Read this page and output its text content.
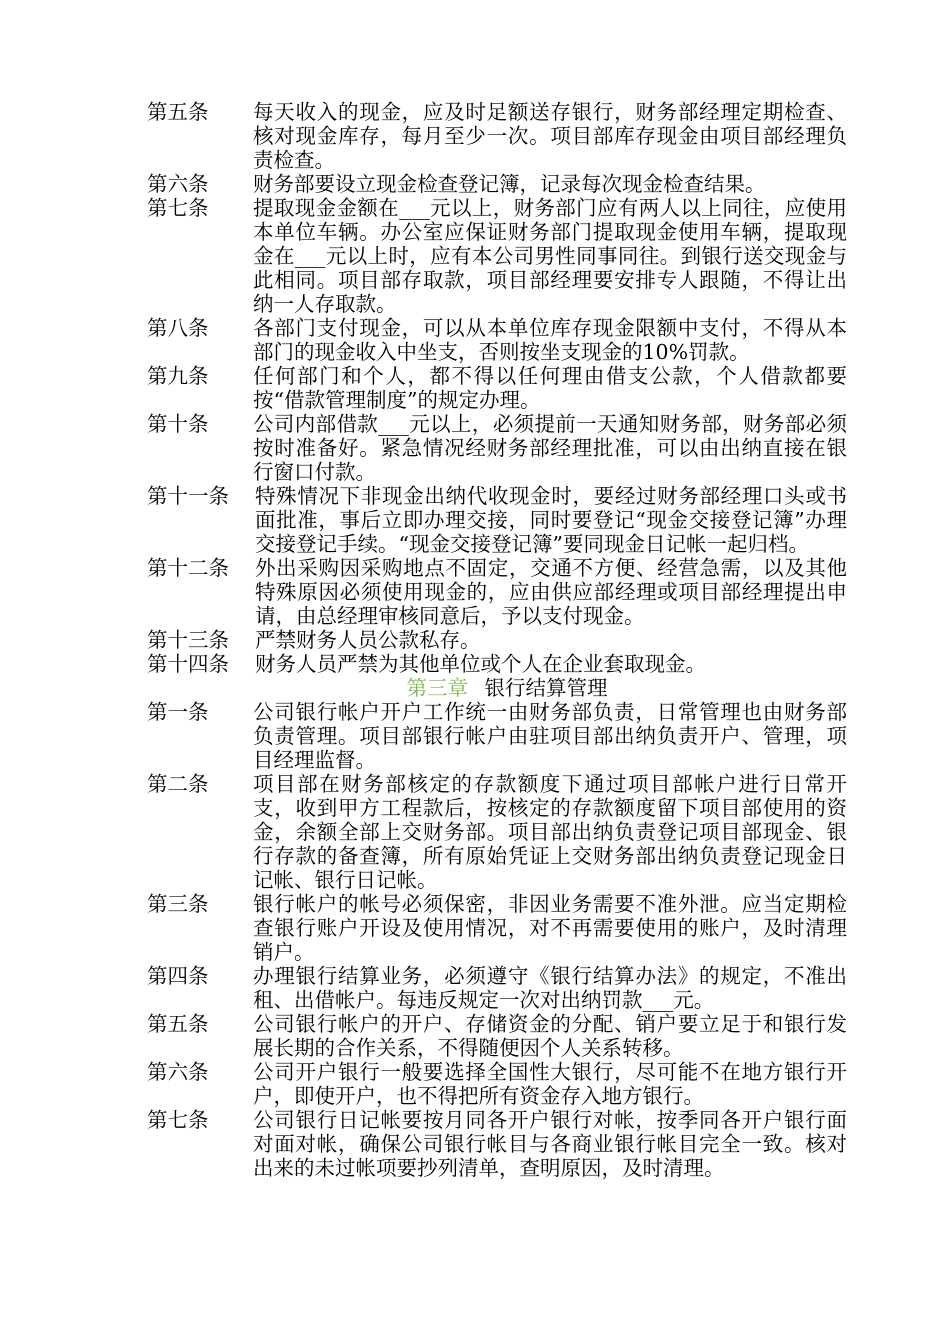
第五条	每天收入的现金，应及时足额送存银行，财务部经理定期检查、核对现金库存，每月至少一次。项目部库存现金由项目部经理负责检查。
第六条	财务部要设立现金检查登记簿，记录每次现金检查结果。
第七条	提取现金金额在___元以上，财务部门应有两人以上同往，应使用本单位车辆。办公室应保证财务部门提取现金使用车辆，提取现金在___元以上时，应有本公司男性同事同往。到银行送交现金与此相同。项目部存取款，项目部经理要安排专人跟随，不得让出纳一人存取款。
第八条	各部门支付现金，可以从本单位库存现金限额中支付，不得从本部门的现金收入中坐支，否则按坐支现金的10%罚款。
第九条	任何部门和个人，都不得以任何理由借支公款，个人借款都要按“借款管理制度”的规定办理。
第十条	公司内部借款___元以上，必须提前一天通知财务部，财务部必须按时准备好。紧急情况经财务部经理批准，可以由出纳直接在银行窗口付款。
第十一条	特殊情况下非现金出纳代收现金时，要经过财务部经理口头或书面批准，事后立即办理交接，同时要登记“现金交接登记簿”办理交接登记手续。“现金交接登记簿”要同现金日记帐一起归档。
第十二条	外出采购因采购地点不固定，交通不方便、经营急需，以及其他特殊原因必须使用现金的，应由供应部经理或项目部经理提出申请，由总经理审核同意后，予以支付现金。
第十三条	严禁财务人员公款私存。
第十四条	财务人员严禁为其他单位或个人在企业套取现金。
第三章 银行结算管理
第一条	公司银行帐户开户工作统一由财务部负责，日常管理也由财务部负责管理。项目部银行帐户由驻项目部出纳负责开户、管理，项目经理监督。
第二条	项目部在财务部核定的存款额度下通过项目部帐户进行日常开支，收到甲方工程款后，按核定的存款额度留下项目部使用的资金，余额全部上交财务部。项目部出纳负责登记项目部现金、银行存款的备查簿，所有原始凭证上交财务部出纳负责登记现金日记帐、银行日记帐。
第三条	银行帐户的帐号必须保密，非因业务需要不准外泄。应当定期检查银行账户开设及使用情况，对不再需要使用的账户，及时清理销户。
第四条	办理银行结算业务，必须遵守《银行结算办法》的规定，不准出租、出借帐户。每违反规定一次对出纳罚款___元。
第五条	公司银行帐户的开户、存储资金的分配、销户要立足于和银行发展长期的合作关系，不得随便因个人关系转移。
第六条	公司开户银行一般要选择全国性大银行，尽可能不在地方银行开户，即使开户，也不得把所有资金存入地方银行。
第七条	公司银行日记帐要按月同各开户银行对帐，按季同各开户银行面对面对帐，确保公司银行帐目与各商业银行帐目完全一致。核对出来的未过帐项要抄列清单，查明原因，及时清理。
